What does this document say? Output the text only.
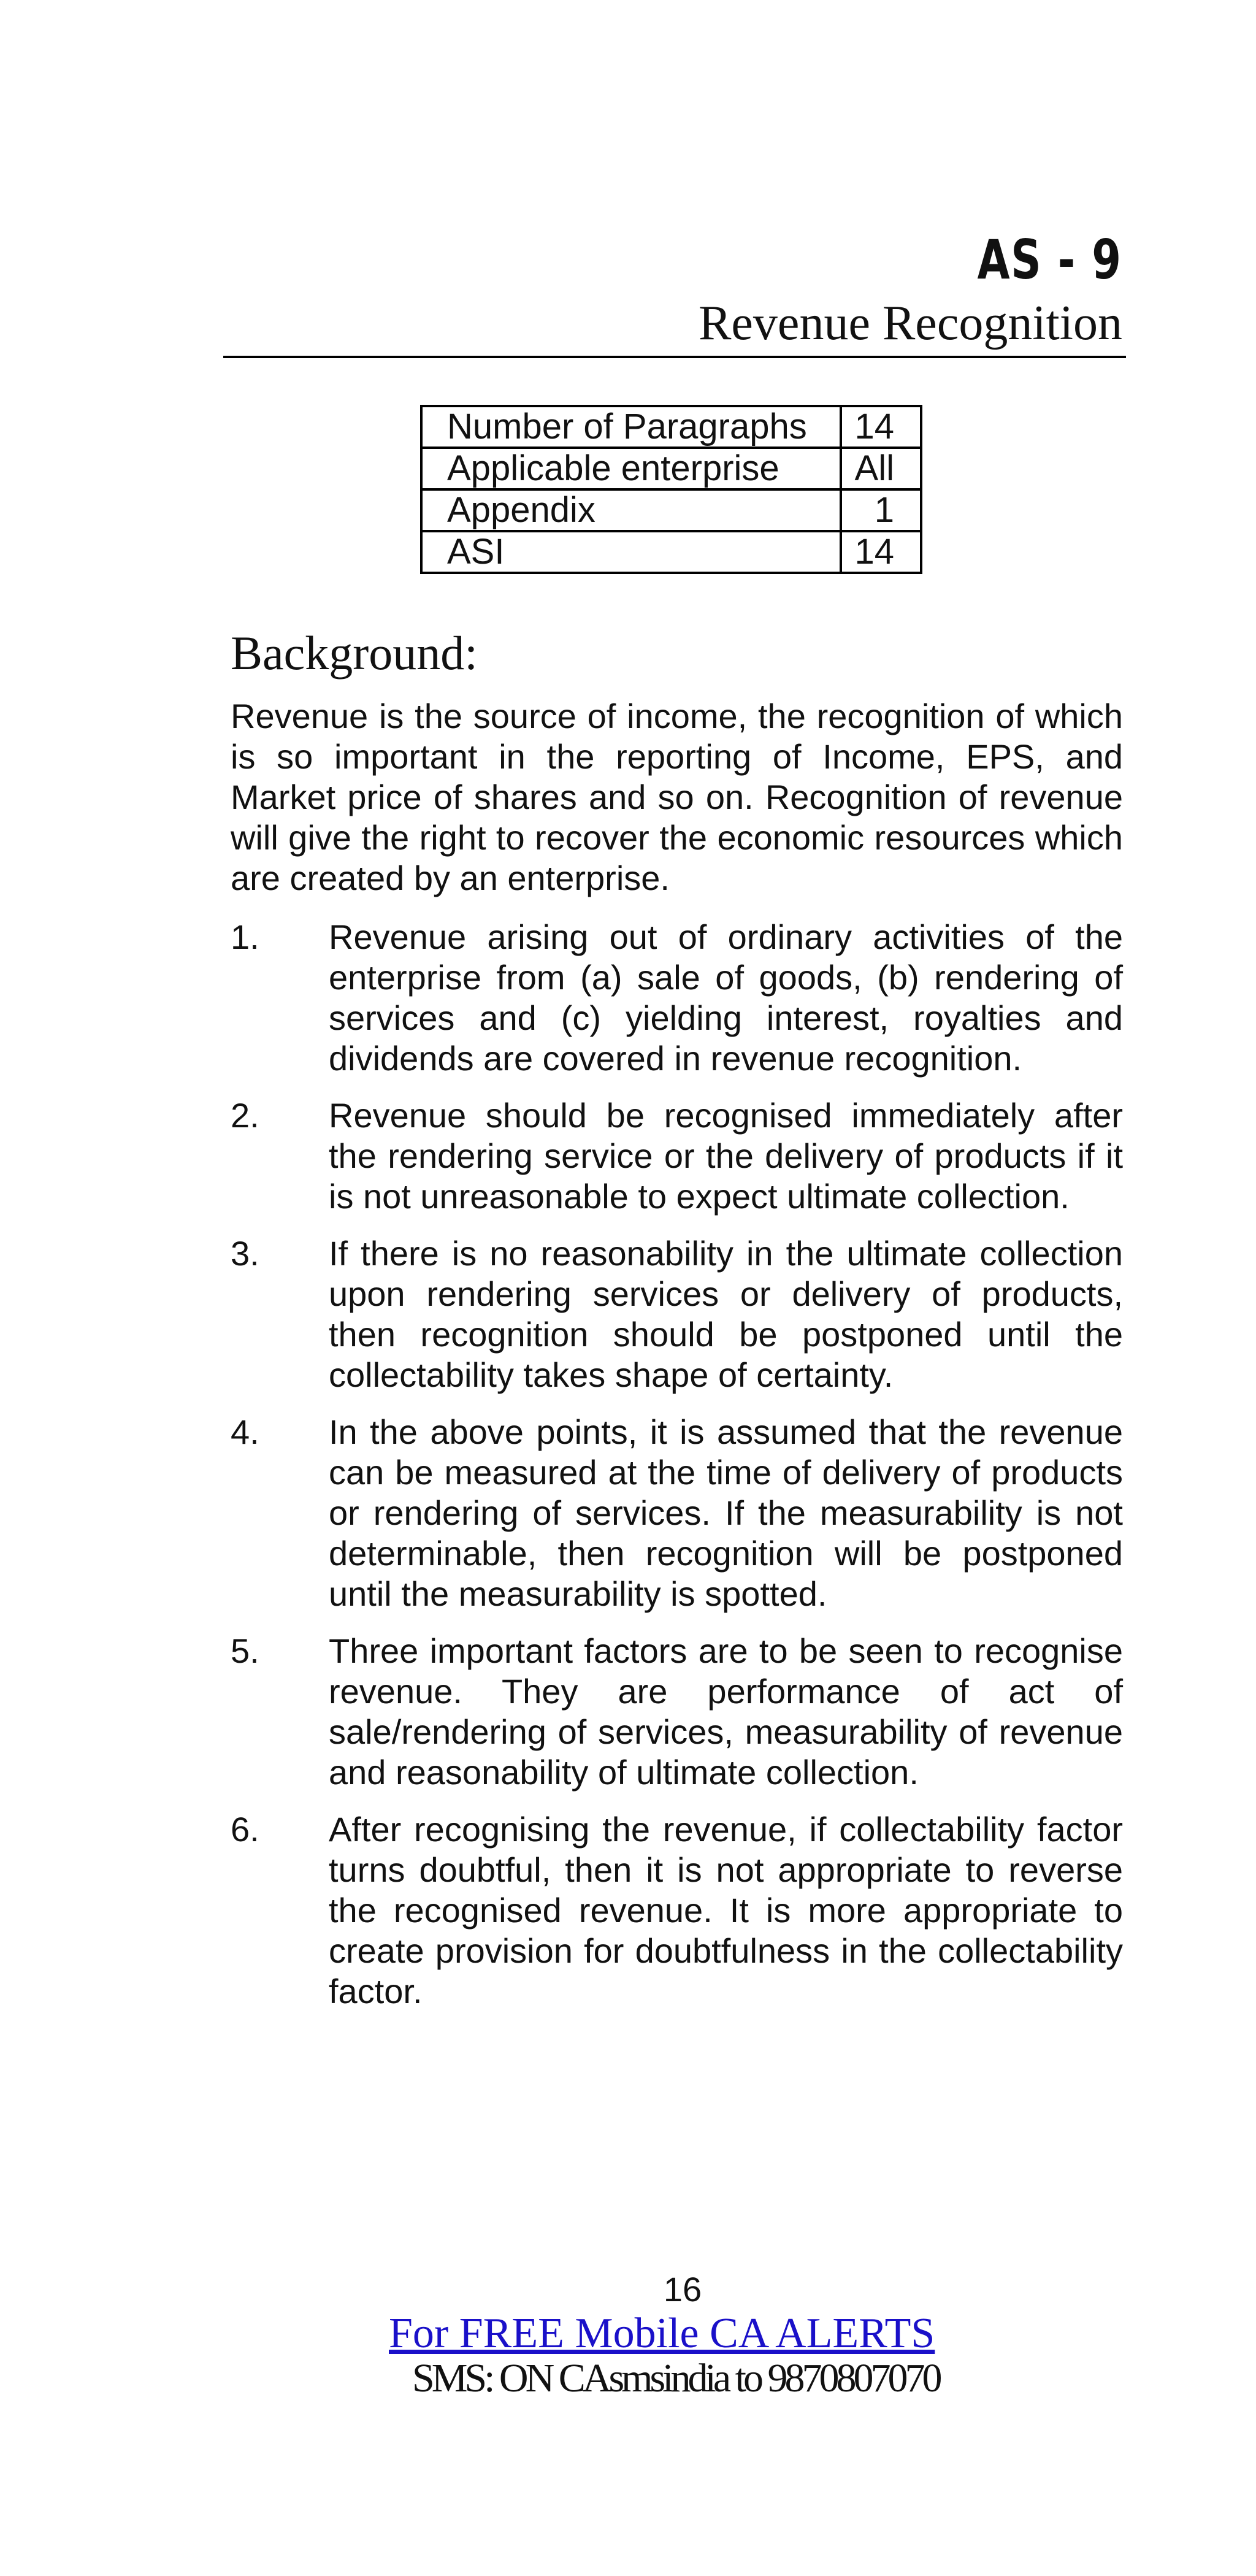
AS - 9
Revenue Recognition
Number of Paragraphs	14
Applicable enterprise	All
Appendix	1
ASI	14
Background:

Revenue is the source of income, the recognition of which is so important in the reporting of Income, EPS, and Market price of shares and so on. Recognition of revenue will give the right to recover the economic resources which are created by an enterprise.

1.	Revenue arising out of ordinary activities of the enterprise from (a) sale of goods, (b) rendering of services and (c) yielding interest, royalties and dividends are covered in revenue recognition.
2.	Revenue should be recognised immediately after the rendering service or the delivery of products if it is not unreasonable to expect ultimate collection.
3.	If there is no reasonability in the ultimate collection upon rendering services or delivery of products, then recognition should be postponed until the collectability takes shape of certainty.
4.	In the above points, it is assumed that the revenue can be measured at the time of delivery of products or rendering of services. If the measurability is not determinable, then recognition will be postponed until the measurability is spotted.
5.	Three important factors are to be seen to recognise revenue. They are performance of act of sale/rendering of services, measurability of revenue and reasonability of ultimate collection.
6.	After recognising the revenue, if collectability factor turns doubtful, then it is not appropriate to reverse the recognised revenue. It is more appropriate to create provision for doubtfulness in the collectability factor.
16
For FREE Mobile CA ALERTS
SMS: ON CAsmsindia to 9870807070
